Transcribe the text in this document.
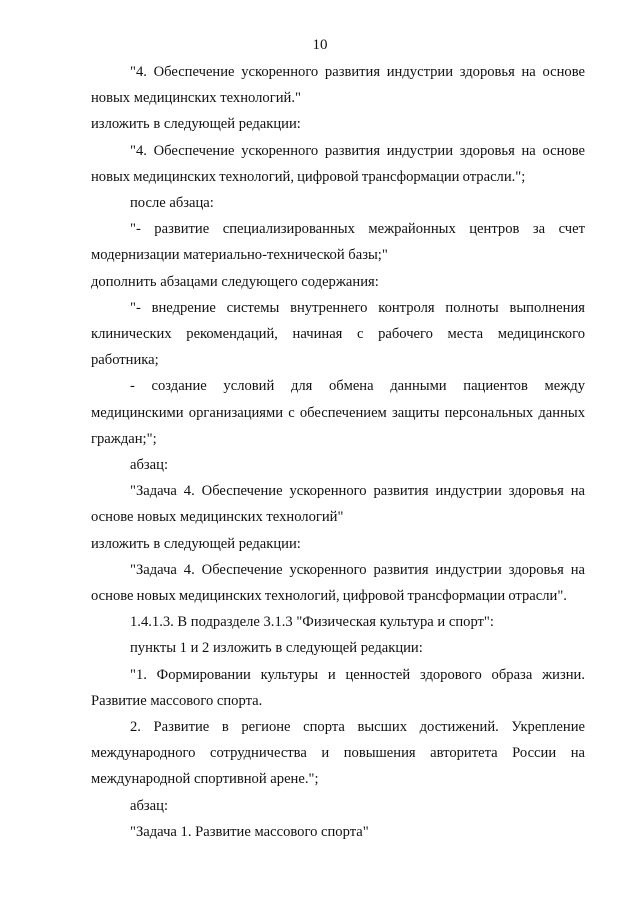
10

"4. Обеспечение ускоренного развития индустрии здоровья на основе новых медицинских технологий."

изложить в следующей редакции:

"4. Обеспечение ускоренного развития индустрии здоровья на основе новых медицинских технологий, цифровой трансформации отрасли.";

после абзаца:

"- развитие специализированных межрайонных центров за счет модернизации материально-технической базы;"

дополнить абзацами следующего содержания:

"- внедрение системы внутреннего контроля полноты выполнения клинических рекомендаций, начиная с рабочего места медицинского работника;

- создание условий для обмена данными пациентов между медицинскими организациями с обеспечением защиты персональных данных граждан;";

абзац:

"Задача 4. Обеспечение ускоренного развития индустрии здоровья на основе новых медицинских технологий"

изложить в следующей редакции:

"Задача 4. Обеспечение ускоренного развития индустрии здоровья на основе новых медицинских технологий, цифровой трансформации отрасли".

1.4.1.3. В подразделе 3.1.3 "Физическая культура и спорт":

пункты 1 и 2 изложить в следующей редакции:

"1. Формировании культуры и ценностей здорового образа жизни. Развитие массового спорта.

2. Развитие в регионе спорта высших достижений. Укрепление международного сотрудничества и повышения авторитета России на международной спортивной арене.";

абзац:

"Задача 1. Развитие массового спорта"
